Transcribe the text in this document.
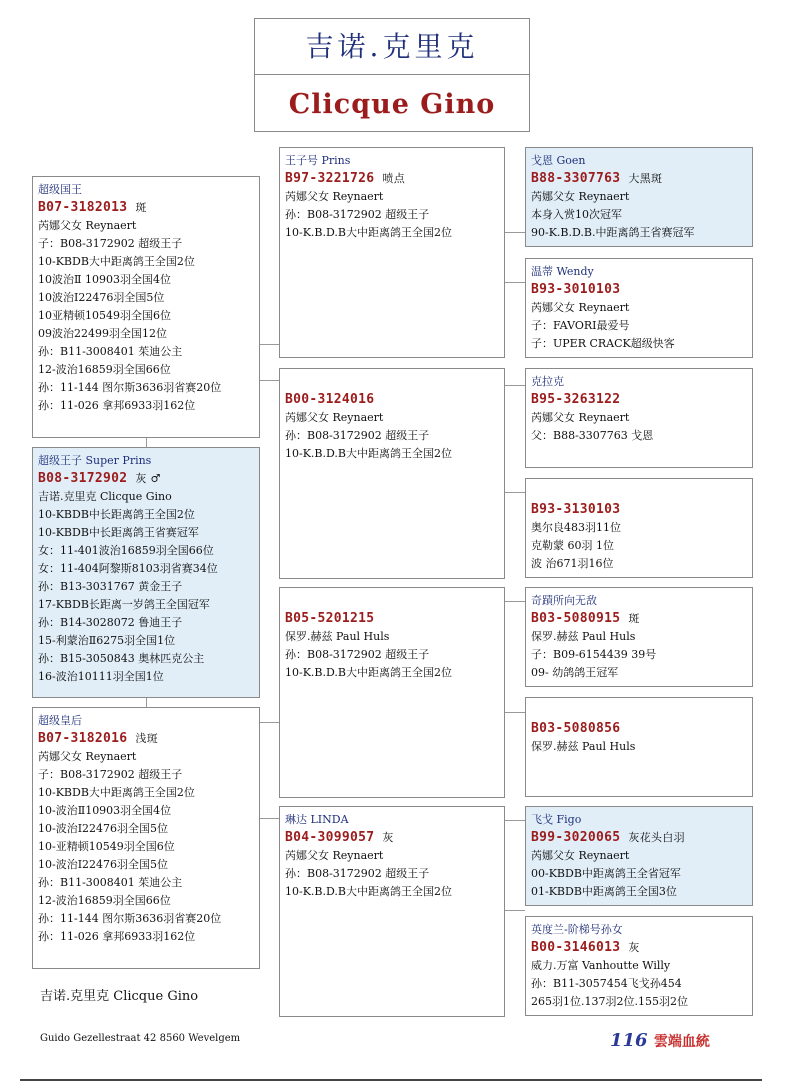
吉诺.克里克
Clicque Gino
超级国王
B07-3182013 斑
芮娜父女 Reynaert
子：B08-3172902 超级王子
10-KBDB大中距离鸽王全国2位
10波治Ⅱ 10903羽全国4位
10波治Ⅰ22476羽全国5位
10亚精顿10549羽全国6位
09波治22499羽全国12位
孙：B11-3008401 茱迪公主
12-波治16859羽全国66位
孙：11-144 图尔斯3636羽省赛20位
孙：11-026 拿邦6933羽162位
超级王子 Super Prins
B08-3172902 灰 ♂
吉诺.克里克 Clicque Gino
10-KBDB中长距离鸽王全国2位
10-KBDB中长距离鸽王省赛冠军
女：11-401波治16859羽全国66位
女：11-404阿黎斯8103羽省赛34位
孙：B13-3031767 黄金王子
17-KBDB长距离一岁鸽王全国冠军
孙：B14-3028072 鲁迪王子
15-利蒙治Ⅱ6275羽全国1位
孙：B15-3050843 奥林匹克公主
16-波治10111羽全国1位
超级皇后
B07-3182016 浅斑
芮娜父女 Reynaert
子：B08-3172902 超级王子
10-KBDB大中距离鸽王全国2位
10-波治Ⅱ10903羽全国4位
10-波治I22476羽全国5位
10-亚精顿10549羽全国6位
10-波治I22476羽全国5位
孙：B11-3008401 茱迪公主
12-波治16859羽全国66位
孙：11-144 图尔斯3636羽省赛20位
孙：11-026 拿邦6933羽162位
王子号 Prins
B97-3221726 喷点
芮娜父女 Reynaert
孙：B08-3172902 超级王子
10-K.B.D.B大中距离鸽王全国2位
B00-3124016
芮娜父女 Reynaert
孙：B08-3172902 超级王子
10-K.B.D.B大中距离鸽王全国2位
B05-5201215
保罗.赫兹 Paul Huls
孙：B08-3172902 超级王子
10-K.B.D.B大中距离鸽王全国2位
琳达 LINDA
B04-3099057 灰
芮娜父女 Reynaert
孙：B08-3172902 超级王子
10-K.B.D.B大中距离鸽王全国2位
戈恩 Goen
B88-3307763 大黑斑
芮娜父女 Reynaert
本身入赏10次冠军
90-K.B.D.B.中距离鸽王省赛冠军
温蒂 Wendy
B93-3010103
芮娜父女 Reynaert
子：FAVORI最爱号
子：UPER CRACK超级快客
克拉克
B95-3263122
芮娜父女 Reynaert
父：B88-3307763 戈恩
B93-3130103
奥尔良483羽11位
克勒蒙 60羽 1位
波 治671羽16位
奇蹟所向无敌
B03-5080915 斑
保罗.赫兹 Paul Huls
子：B09-6154439 39号
09- 幼鸽鸽王冠军
B03-5080856
保罗.赫兹 Paul Huls
飞戈 Figo
B99-3020065 灰花头白羽
芮娜父女 Reynaert
00-KBDB中距离鸽王全省冠军
01-KBDB中距离鸽王全国3位
英度兰-阶梯号孙女
B00-3146013 灰
威力.万富 Vanhoutte Willy
孙：B11-3057454飞戈孙454
265羽1位.137羽2位.155羽2位
吉诺.克里克 Clicque Gino
Guido Gezellestraat 42 8560 Wevelgem	116 雲端血統
